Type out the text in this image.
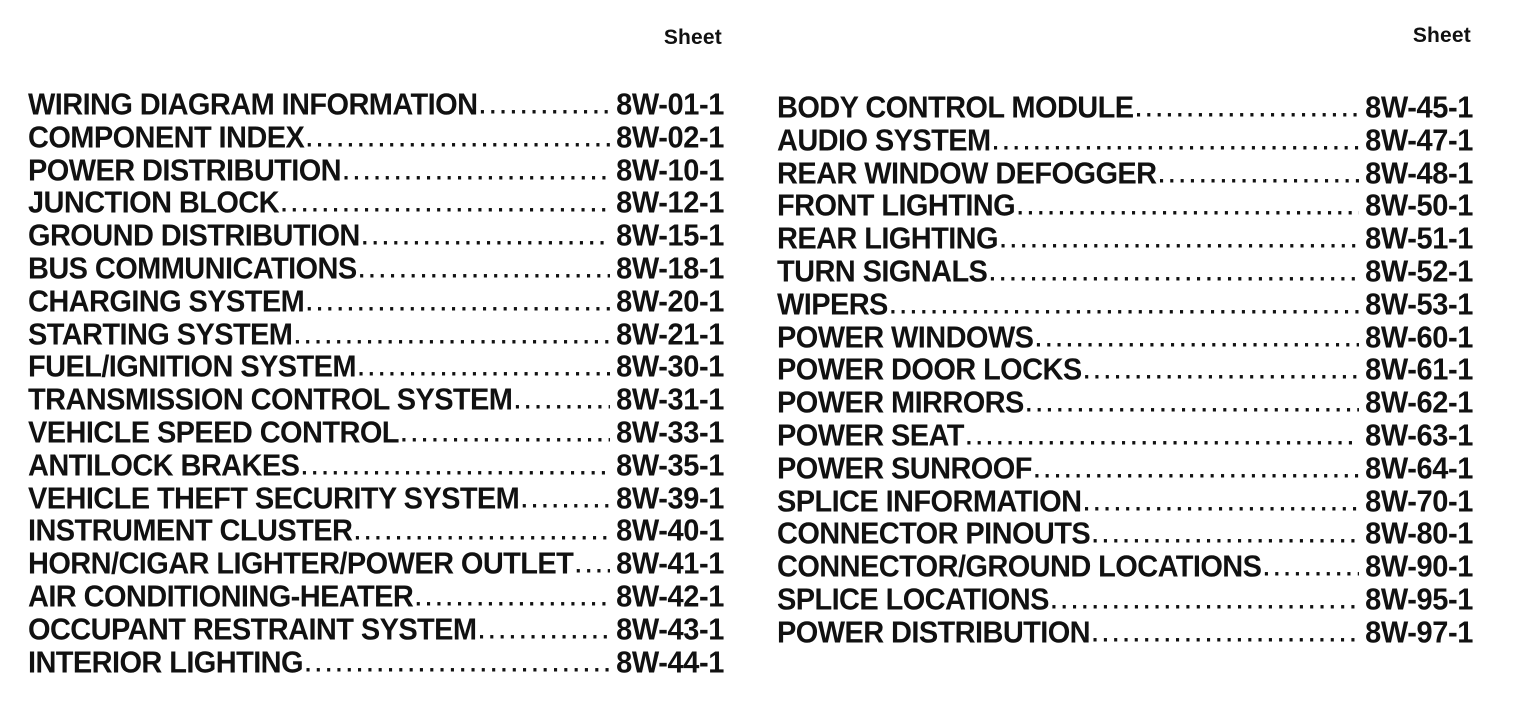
Sheet
WIRING DIAGRAM INFORMATION .....	8W-01-1
COMPONENT INDEX .....	8W-02-1
POWER DISTRIBUTION .....	8W-10-1
JUNCTION BLOCK .....	8W-12-1
GROUND DISTRIBUTION .....	8W-15-1
BUS COMMUNICATIONS .....	8W-18-1
CHARGING SYSTEM .....	8W-20-1
STARTING SYSTEM .....	8W-21-1
FUEL/IGNITION SYSTEM .....	8W-30-1
TRANSMISSION CONTROL SYSTEM .....	8W-31-1
VEHICLE SPEED CONTROL .....	8W-33-1
ANTILOCK BRAKES .....	8W-35-1
VEHICLE THEFT SECURITY SYSTEM .....	8W-39-1
INSTRUMENT CLUSTER .....	8W-40-1
HORN/CIGAR LIGHTER/POWER OUTLET ..... 8W-41-1
AIR CONDITIONING-HEATER .....	8W-42-1
OCCUPANT RESTRAINT SYSTEM .....	8W-43-1
INTERIOR LIGHTING .....	8W-44-1
Sheet
BODY CONTROL MODULE .....	8W-45-1
AUDIO SYSTEM .....	8W-47-1
REAR WINDOW DEFOGGER .....	8W-48-1
FRONT LIGHTING .....	8W-50-1
REAR LIGHTING .....	8W-51-1
TURN SIGNALS .....	8W-52-1
WIPERS .....	8W-53-1
POWER WINDOWS .....	8W-60-1
POWER DOOR LOCKS .....	8W-61-1
POWER MIRRORS .....	8W-62-1
POWER SEAT .....	8W-63-1
POWER SUNROOF .....	8W-64-1
SPLICE INFORMATION .....	8W-70-1
CONNECTOR PINOUTS .....	8W-80-1
CONNECTOR/GROUND LOCATIONS .....	8W-90-1
SPLICE LOCATIONS .....	8W-95-1
POWER DISTRIBUTION .....	8W-97-1
